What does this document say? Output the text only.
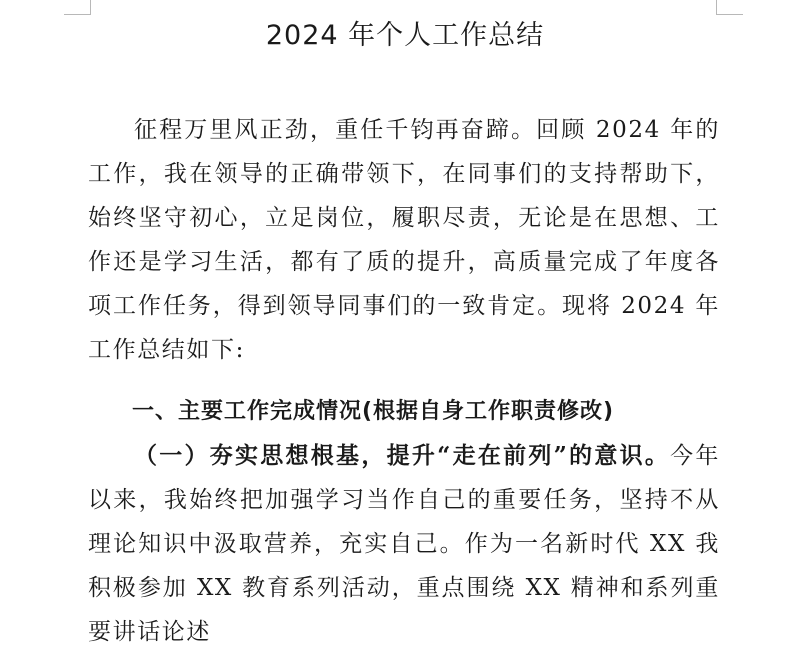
2024 年个人工作总结

征程万里风正劲，重任千钧再奋蹄。回顾 2024 年的工作，我在领导的正确带领下，在同事们的支持帮助下，始终坚守初心，立足岗位，履职尽责，无论是在思想、工作还是学习生活，都有了质的提升，高质量完成了年度各项工作任务，得到领导同事们的一致肯定。现将 2024 年工作总结如下:

一、主要工作完成情况(根据自身工作职责修改)

（一）夯实思想根基，提升“走在前列”的意识。今年以来，我始终把加强学习当作自己的重要任务，坚持不从理论知识中汲取营养，充实自己。作为一名新时代 XX 我积极参加 XX 教育系列活动，重点围绕 XX 精神和系列重要讲话论述
